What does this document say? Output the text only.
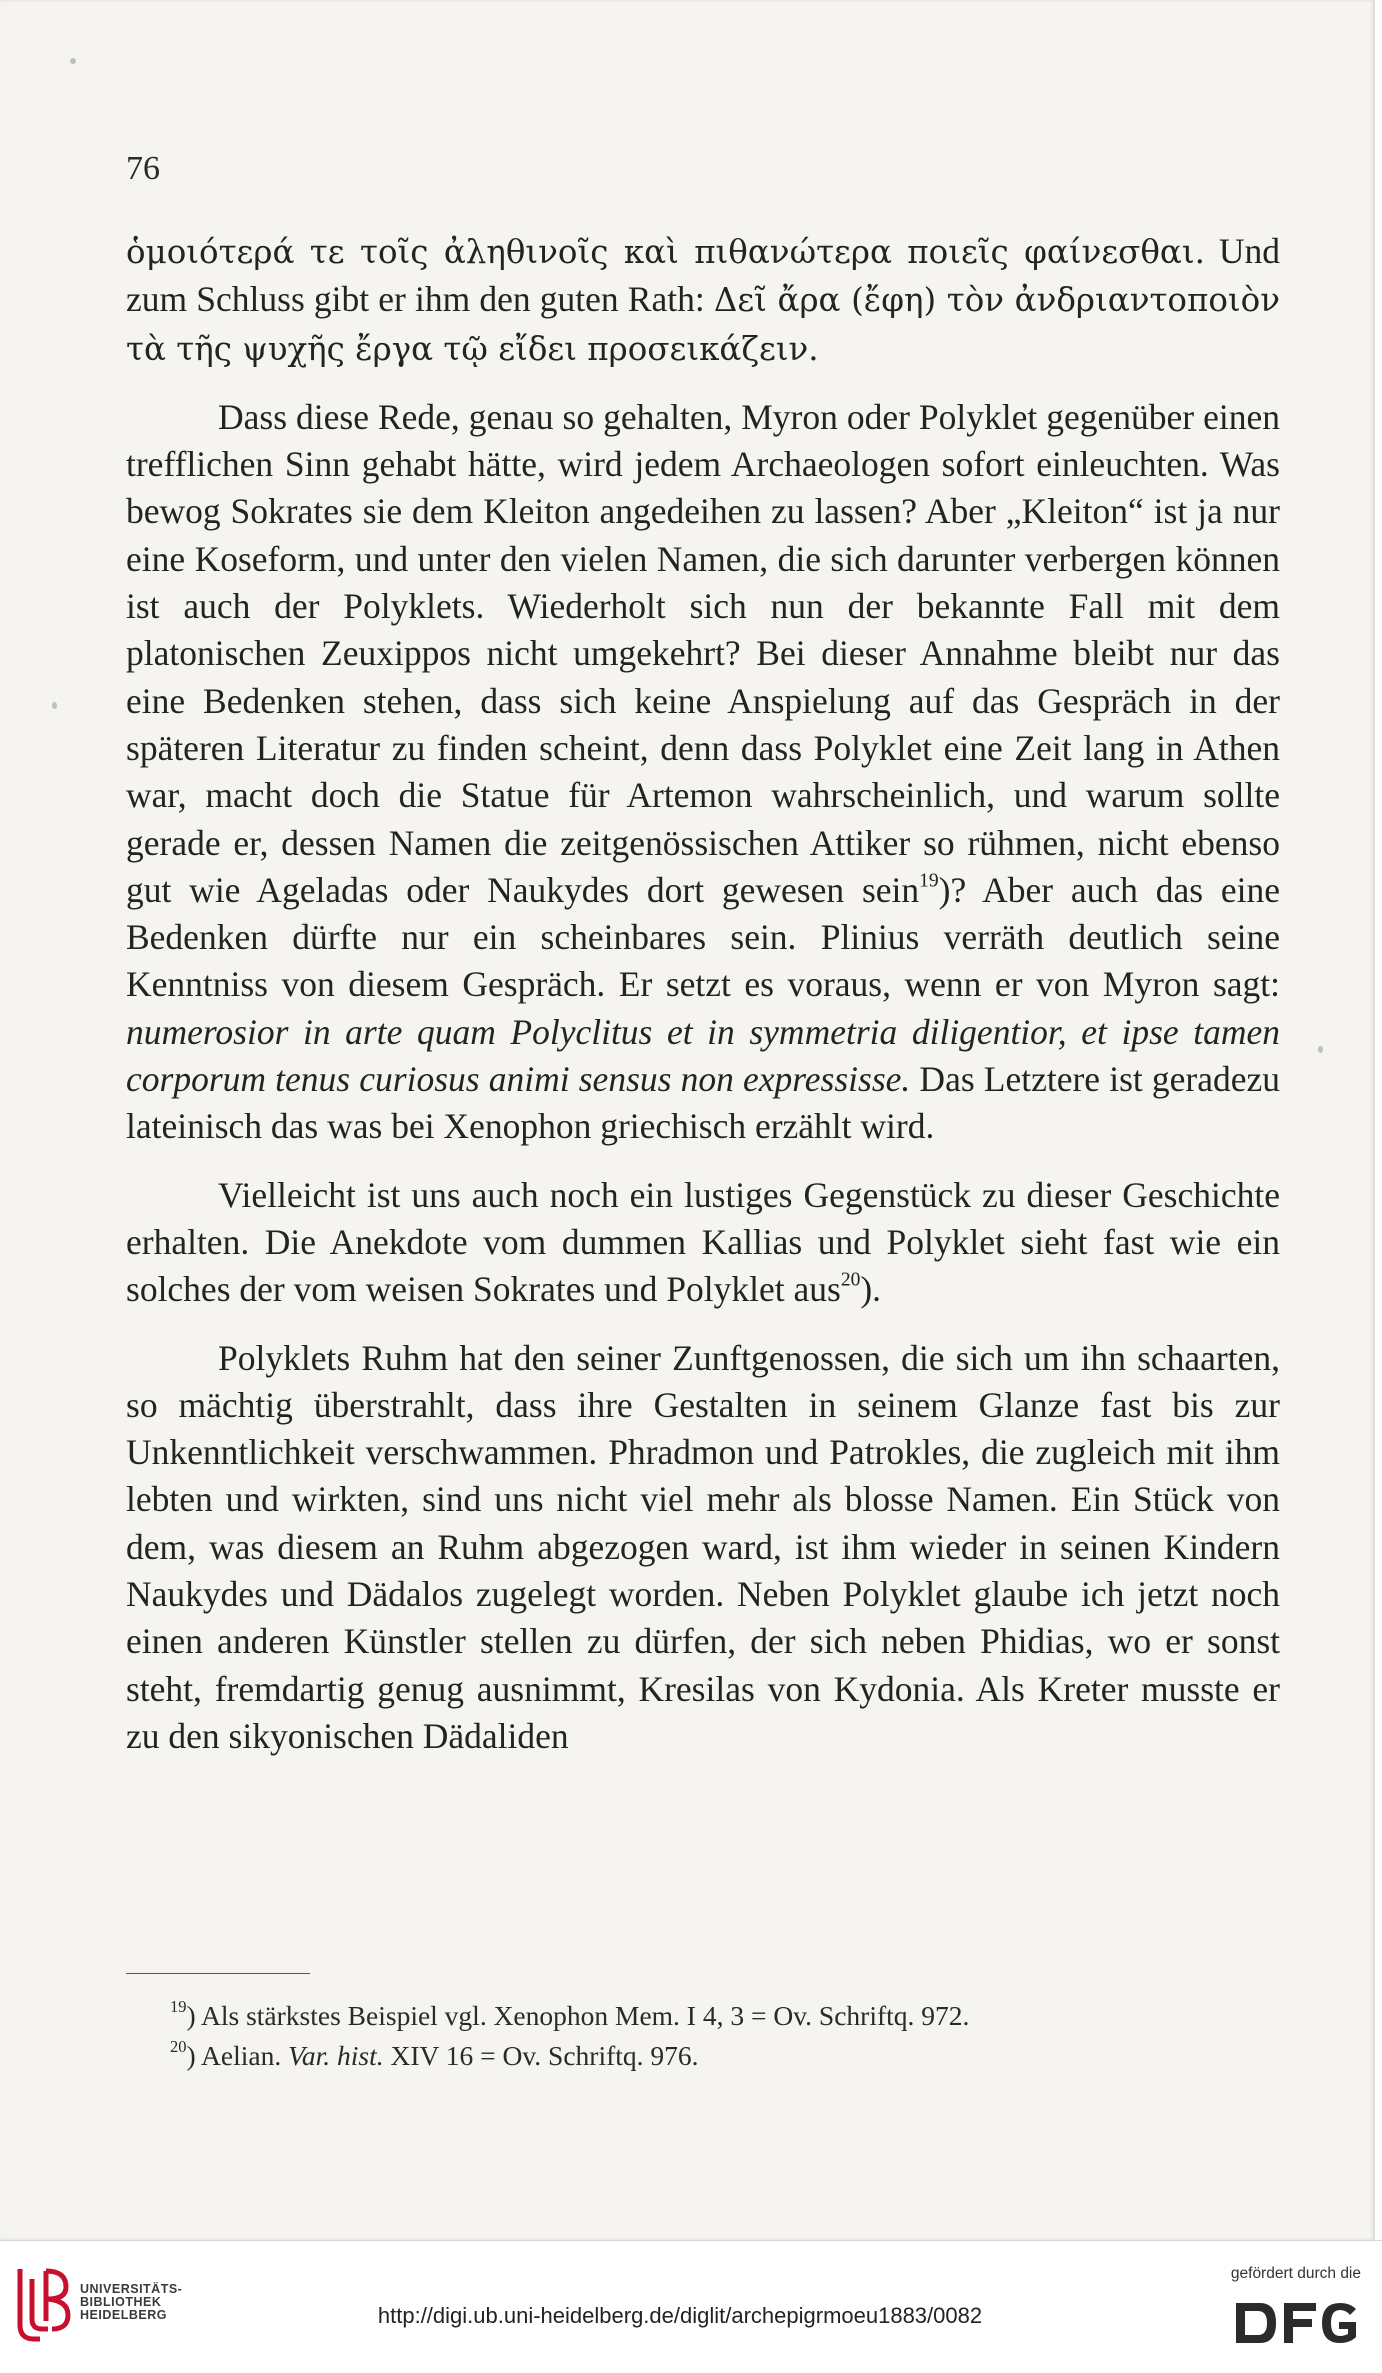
76

ὁμοιότερά τε τοῖς ἀληθινοῖς καὶ πιθανώτερα ποιεῖς φαίνεσθαι. Und zum Schluss gibt er ihm den guten Rath: Δεῖ ἄρα (ἔφη) τὸν ἀνδριαντοποιὸν τὰ τῆς ψυχῆς ἔργα τῷ εἴδει προσεικάζειν.

Dass diese Rede, genau so gehalten, Myron oder Polyklet gegenüber einen trefflichen Sinn gehabt hätte, wird jedem Archaeologen sofort einleuchten. Was bewog Sokrates sie dem Kleiton angedeihen zu lassen? Aber „Kleiton“ ist ja nur eine Koseform, und unter den vielen Namen, die sich darunter verbergen können ist auch der Polyklets. Wiederholt sich nun der bekannte Fall mit dem platonischen Zeuxippos nicht umgekehrt? Bei dieser Annahme bleibt nur das eine Bedenken stehen, dass sich keine Anspielung auf das Gespräch in der späteren Literatur zu finden scheint, denn dass Polyklet eine Zeit lang in Athen war, macht doch die Statue für Artemon wahrscheinlich, und warum sollte gerade er, dessen Namen die zeitgenössischen Attiker so rühmen, nicht ebenso gut wie Ageladas oder Naukydes dort gewesen sein$^{19}$)? Aber auch das eine Bedenken dürfte nur ein scheinbares sein. Plinius verräth deutlich seine Kenntniss von diesem Gespräch. Er setzt es voraus, wenn er von Myron sagt: numerosior in arte quam Polyclitus et in symmetria diligentior, et ipse tamen corporum tenus curiosus animi sensus non expressisse. Das Letztere ist geradezu lateinisch das was bei Xenophon griechisch erzählt wird.

Vielleicht ist uns auch noch ein lustiges Gegenstück zu dieser Geschichte erhalten. Die Anekdote vom dummen Kallias und Polyklet sieht fast wie ein solches der vom weisen Sokrates und Polyklet aus$^{20}$).

Polyklets Ruhm hat den seiner Zunftgenossen, die sich um ihn schaarten, so mächtig überstrahlt, dass ihre Gestalten in seinem Glanze fast bis zur Unkenntlichkeit verschwammen. Phradmon und Patrokles, die zugleich mit ihm lebten und wirkten, sind uns nicht viel mehr als blosse Namen. Ein Stück von dem, was diesem an Ruhm abgezogen ward, ist ihm wieder in seinen Kindern Naukydes und Dädalos zugelegt worden. Neben Polyklet glaube ich jetzt noch einen anderen Künstler stellen zu dürfen, der sich neben Phidias, wo er sonst steht, fremdartig genug ausnimmt, Kresilas von Kydonia. Als Kreter musste er zu den sikyonischen Dädaliden

$^{19}$) Als stärkstes Beispiel vgl. Xenophon Mem. I 4, 3 = Ov. Schriftq. 972.

$^{20}$) Aelian. Var. hist. XIV 16 = Ov. Schriftq. 976.

UNIVERSITÄTS-
BIBLIOTHEK
HEIDELBERG	http://digi.ub.uni-heidelberg.de/diglit/archepigrmoeu1883/0082
gefördert durch die
